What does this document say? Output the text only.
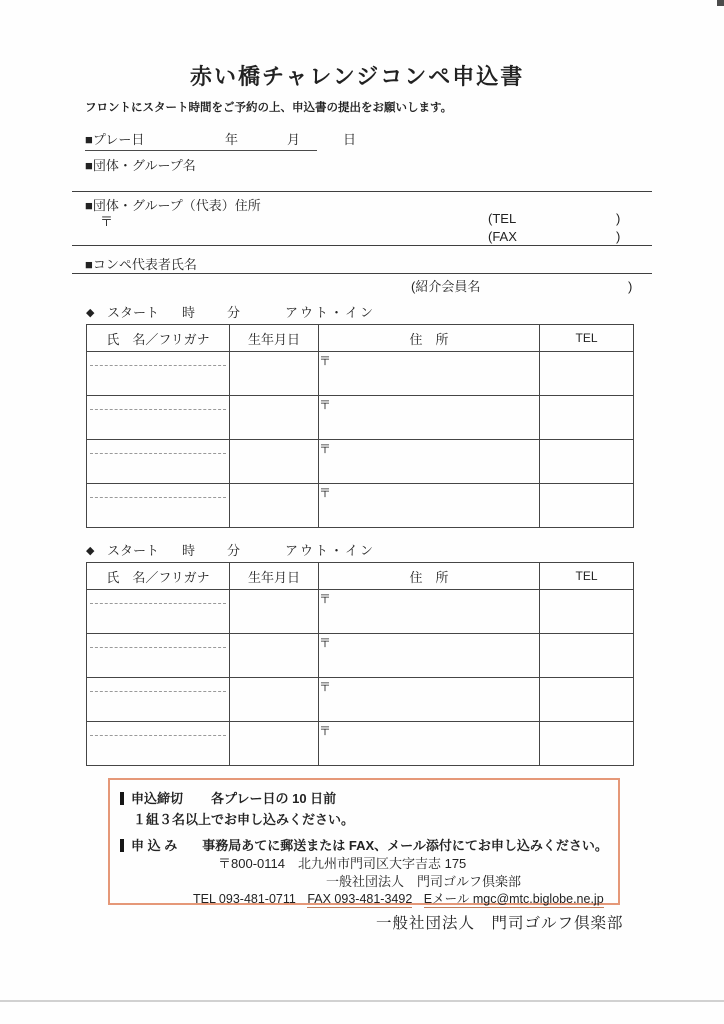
赤い橋チャレンジコンペ申込書
フロントにスタート時間をご予約の上、申込書の提出をお願いします。
■プレー日	年	月	日
■団体・グループ名
■団体・グループ（代表）住所
〒	(TEL	)
(FAX	)
■コンペ代表者氏名
(紹介会員名	)
◆ スタート 時 分	アウト・イン
氏　名／フリガナ	生年月日	住　所	TEL

		〒	

		〒	

		〒	

		〒	
◆ スタート 時 分	アウト・イン
氏　名／フリガナ	生年月日	住　所	TEL

		〒	

		〒	

		〒	

		〒	
申込締切 各プレー日の 10 日前
１組３名以上でお申し込みください。
申 込 み 事務局あてに郵送または FAX、メール添付にてお申し込みください。
〒800-0114　北九州市門司区大字吉志 175
一般社団法人　門司ゴルフ倶楽部
TEL 093-481-0711 FAX 093-481-3492 Eメール mgc@mtc.biglobe.ne.jp
一般社団法人　門司ゴルフ倶楽部
